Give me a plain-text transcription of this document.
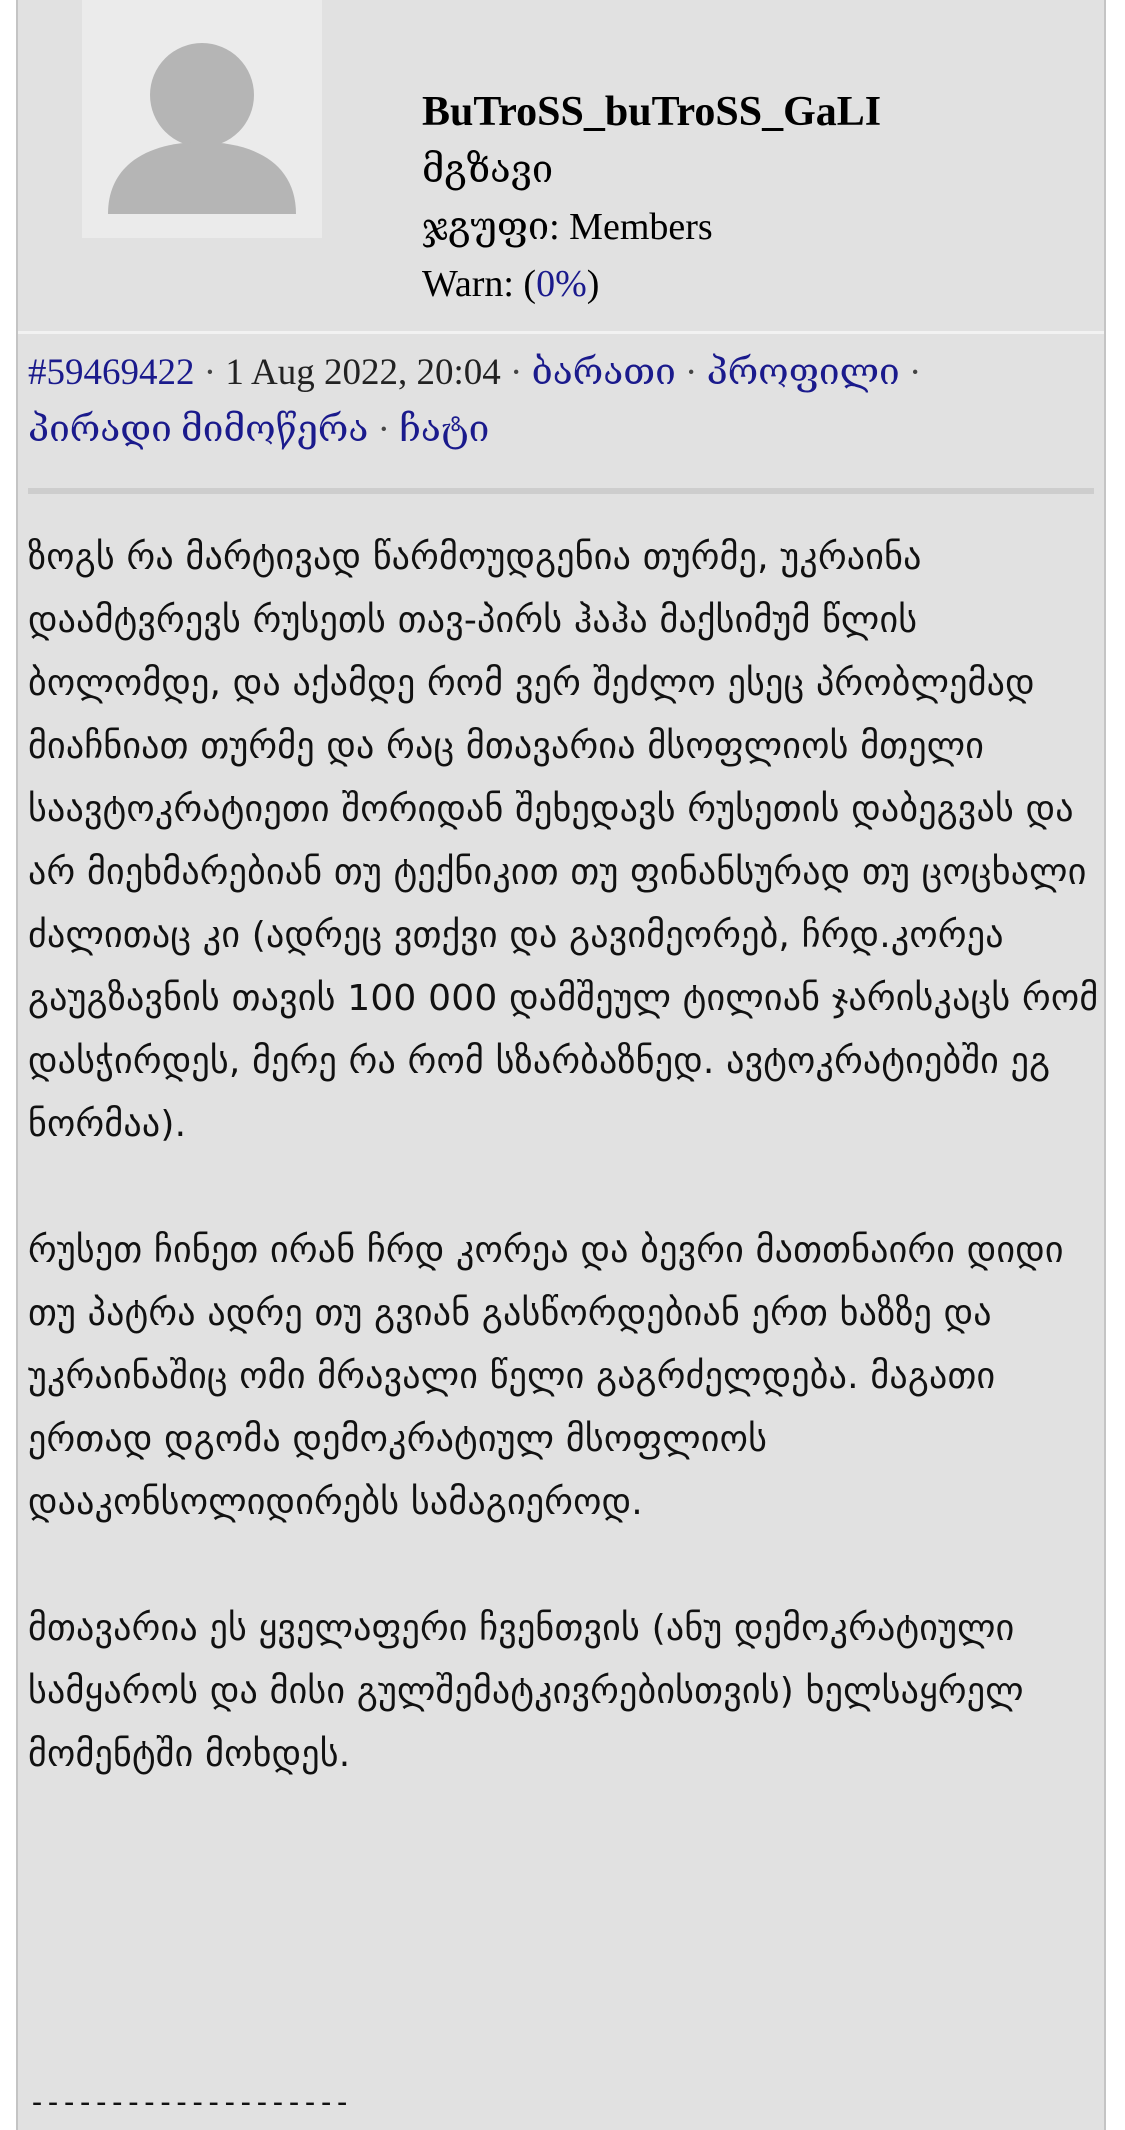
BuTroSS_buTroSS_GaLI
მგზავი
ჯგუფი: Members
Warn: (0%)
#59469422 · 1 Aug 2022, 20:04 · ბარათი · პროფილი ·
პირადი მიმოწერა · ჩატი

ზოგს რა მარტივად წარმოუდგენია თურმე, უკრაინა დაამტვრევს რუსეთს თავ-პირს ჰაჰა მაქსიმუმ წლის ბოლომდე, და აქამდე რომ ვერ შეძლო ესეც პრობლემად მიაჩნიათ თურმე და რაც მთავარია მსოფლიოს მთელი საავტოკრატიეთი შორიდან შეხედავს რუსეთის დაბეგვას და არ მიეხმარებიან თუ ტექნიკით თუ ფინანსურად თუ ცოცხალი ძალითაც კი (ადრეც ვთქვი და გავიმეორებ, ჩრდ.კორეა გაუგზავნის თავის 100 000 დამშეულ ტილიან ჯარისკაცს რომ დასჭირდეს, მერე რა რომ სზარბაზნედ. ავტოკრატიებში ეგ ნორმაა).

რუსეთ ჩინეთ ირან ჩრდ კორეა და ბევრი მათთნაირი დიდი თუ პატრა ადრე თუ გვიან გასწორდებიან ერთ ხაზზე და უკრაინაშიც ომი მრავალი წელი გაგრძელდება. მაგათი ერთად დგომა დემოკრატიულ მსოფლიოს დააკონსოლიდირებს სამაგიეროდ.

მთავარია ეს ყველაფერი ჩვენთვის (ანუ დემოკრატიული სამყაროს და მისი გულშემატკივრებისთვის) ხელსაყრელ მომენტში მოხდეს.

--------------------
